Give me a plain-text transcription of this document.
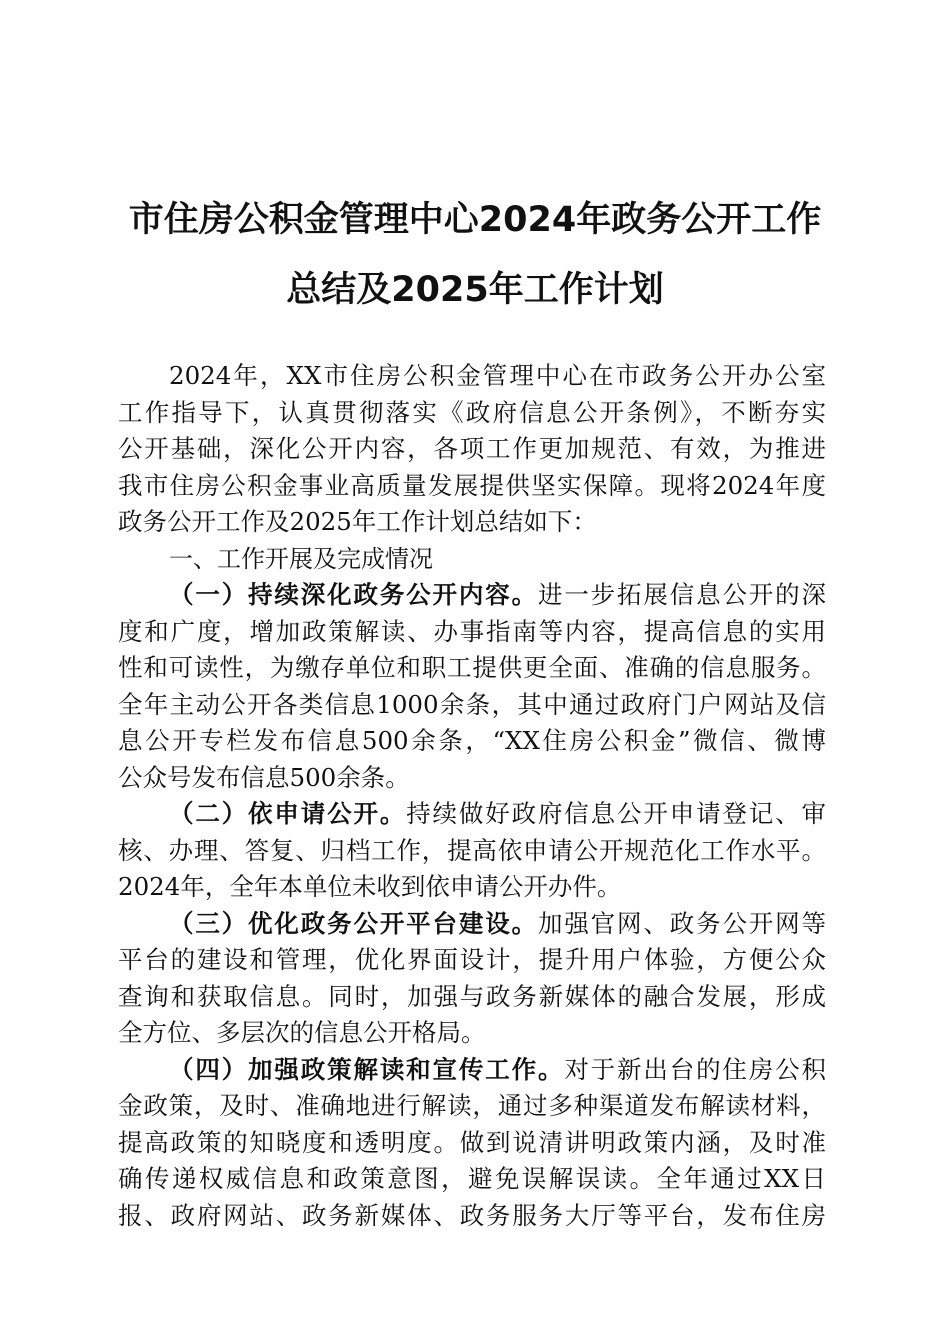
市住房公积金管理中心2024年政务公开工作
总结及2025年工作计划
2024年，XX市住房公积金管理中心在市政务公开办公室
工作指导下，认真贯彻落实《政府信息公开条例》，不断夯实
公开基础，深化公开内容，各项工作更加规范、有效，为推进
我市住房公积金事业高质量发展提供坚实保障。现将2024年度
政务公开工作及2025年工作计划总结如下：
一、工作开展及完成情况
（一）持续深化政务公开内容。进一步拓展信息公开的深
度和广度，增加政策解读、办事指南等内容，提高信息的实用
性和可读性，为缴存单位和职工提供更全面、准确的信息服务。
全年主动公开各类信息1000余条，其中通过政府门户网站及信
息公开专栏发布信息500余条，“XX住房公积金”微信、微博
公众号发布信息500余条。
（二）依申请公开。持续做好政府信息公开申请登记、审
核、办理、答复、归档工作，提高依申请公开规范化工作水平。
2024年，全年本单位未收到依申请公开办件。
（三）优化政务公开平台建设。加强官网、政务公开网等
平台的建设和管理，优化界面设计，提升用户体验，方便公众
查询和获取信息。同时，加强与政务新媒体的融合发展，形成
全方位、多层次的信息公开格局。
（四）加强政策解读和宣传工作。对于新出台的住房公积
金政策，及时、准确地进行解读，通过多种渠道发布解读材料，
提高政策的知晓度和透明度。做到说清讲明政策内涵，及时准
确传递权威信息和政策意图，避免误解误读。全年通过XX日
报、政府网站、政务新媒体、政务服务大厅等平台，发布住房
